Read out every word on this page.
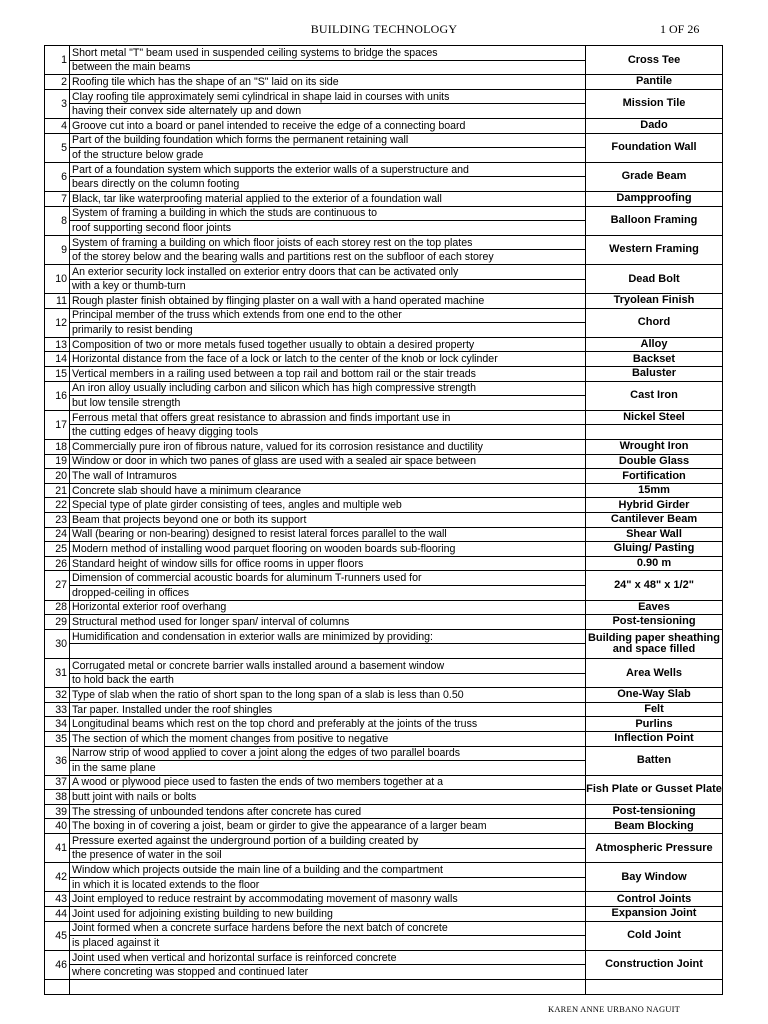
BUILDING TECHNOLOGY	1 OF 26
1	Short metal "T" beam used in suspended ceiling systems to bridge the spaces	Cross Tee
	between the main beams	
2	Roofing tile which has the shape of an "S" laid on its side	Pantile
3	Clay roofing tile approximately semi cylindrical in shape laid in courses with units	Mission Tile
	having their convex side alternately up and down	
4	Groove cut into a board or panel intended to receive the edge of a connecting board	Dado
5	Part of the building foundation which forms the permanent retaining wall	Foundation Wall
	of the structure below grade	
6	Part of a foundation system which supports the exterior walls of a superstructure and	Grade Beam
	bears directly on the column footing	
7	Black, tar like waterproofing material applied to the exterior of a foundation wall	Dampproofing
8	System of framing a building in which the studs are continuous to	Balloon Framing
	roof supporting second floor joints	
9	System of framing a building on which floor joists of each storey rest on the top plates	Western Framing
	of the storey below and the bearing walls and partitions rest on the subfloor of each storey	
10	An exterior security lock installed on exterior entry doors that can be activated only	Dead Bolt
	with a key or thumb-turn	
11	Rough plaster finish obtained by flinging plaster on a wall with a hand operated machine	Tryolean Finish
12	Principal member of the truss which extends from one end to the other	Chord
	primarily to resist bending	
13	Composition of two or more metals fused together usually to obtain a desired property	Alloy
14	Horizontal distance from the face of a lock or latch to the center of the knob or lock cylinder	Backset
15	Vertical members in a railing used between a top rail and bottom rail or the stair treads	Baluster
16	An iron alloy usually including carbon and silicon which has high compressive strength	Cast Iron
	but low tensile strength	
17	Ferrous metal that offers great resistance to abrassion and finds important use in	Nickel Steel
	the cutting edges of heavy digging tools	
18	Commercially pure iron of fibrous nature, valued for its corrosion resistance and ductility	Wrought Iron
19	Window or door in which two panes of glass are used with a sealed air space between	Double Glass
20	The wall of Intramuros	Fortification
21	Concrete slab should have a minimum clearance	15mm
22	Special type of plate girder consisting of tees, angles and multiple web	Hybrid Girder
23	Beam that projects beyond one or both its support	Cantilever Beam
24	Wall (bearing or non-bearing) designed to resist lateral forces parallel to the wall	Shear Wall
25	Modern method of installing wood parquet flooring on wooden boards sub-flooring	Gluing/ Pasting
26	Standard height of window sills for office rooms in upper floors	0.90 m
27	Dimension of commercial acoustic boards for aluminum T-runners used for	24" x 48" x 1/2"
	dropped-ceiling in offices	
28	Horizontal exterior roof overhang	Eaves
29	Structural method used for longer span/ interval of columns	Post-tensioning
30	Humidification and condensation in exterior walls are minimized by providing:	Building paper sheathing and space filled

31	Corrugated metal or concrete barrier walls installed around a basement window	Area Wells
	to hold back the earth	
32	Type of slab when the ratio of short span to the long span of a slab is less than 0.50	One-Way Slab
33	Tar paper. Installed under the roof shingles	Felt
34	Longitudinal beams which rest on the top chord and preferably at the joints of the truss	Purlins
35	The section of which the moment changes from positive to negative	Inflection Point
36	Narrow strip of wood applied to cover a joint along the edges of two parallel boards	Batten
	in the same plane	
37	A wood or plywood piece used to fasten the ends of two members together at a	Fish Plate or Gusset Plate
38	butt joint with nails or bolts	
39	The stressing of unbounded tendons after concrete has cured	Post-tensioning
40	The boxing in of covering a joist, beam or girder to give the appearance of a larger beam	Beam Blocking
41	Pressure exerted against the underground portion of a building created by	Atmospheric Pressure
	the presence of water in the soil	
42	Window which projects outside the main line of a building and the compartment	Bay Window
	in which it is located extends to the floor	
43	Joint employed to reduce restraint by accommodating movement of masonry walls	Control Joints
44	Joint used for adjoining existing building to new building	Expansion Joint
45	Joint formed when a concrete surface hardens before the next batch of concrete	Cold Joint
	is placed against it	
46	Joint used when vertical and horizontal surface is reinforced concrete	Construction Joint
	where concreting was stopped and continued later	

KAREN ANNE URBANO NAGUIT
